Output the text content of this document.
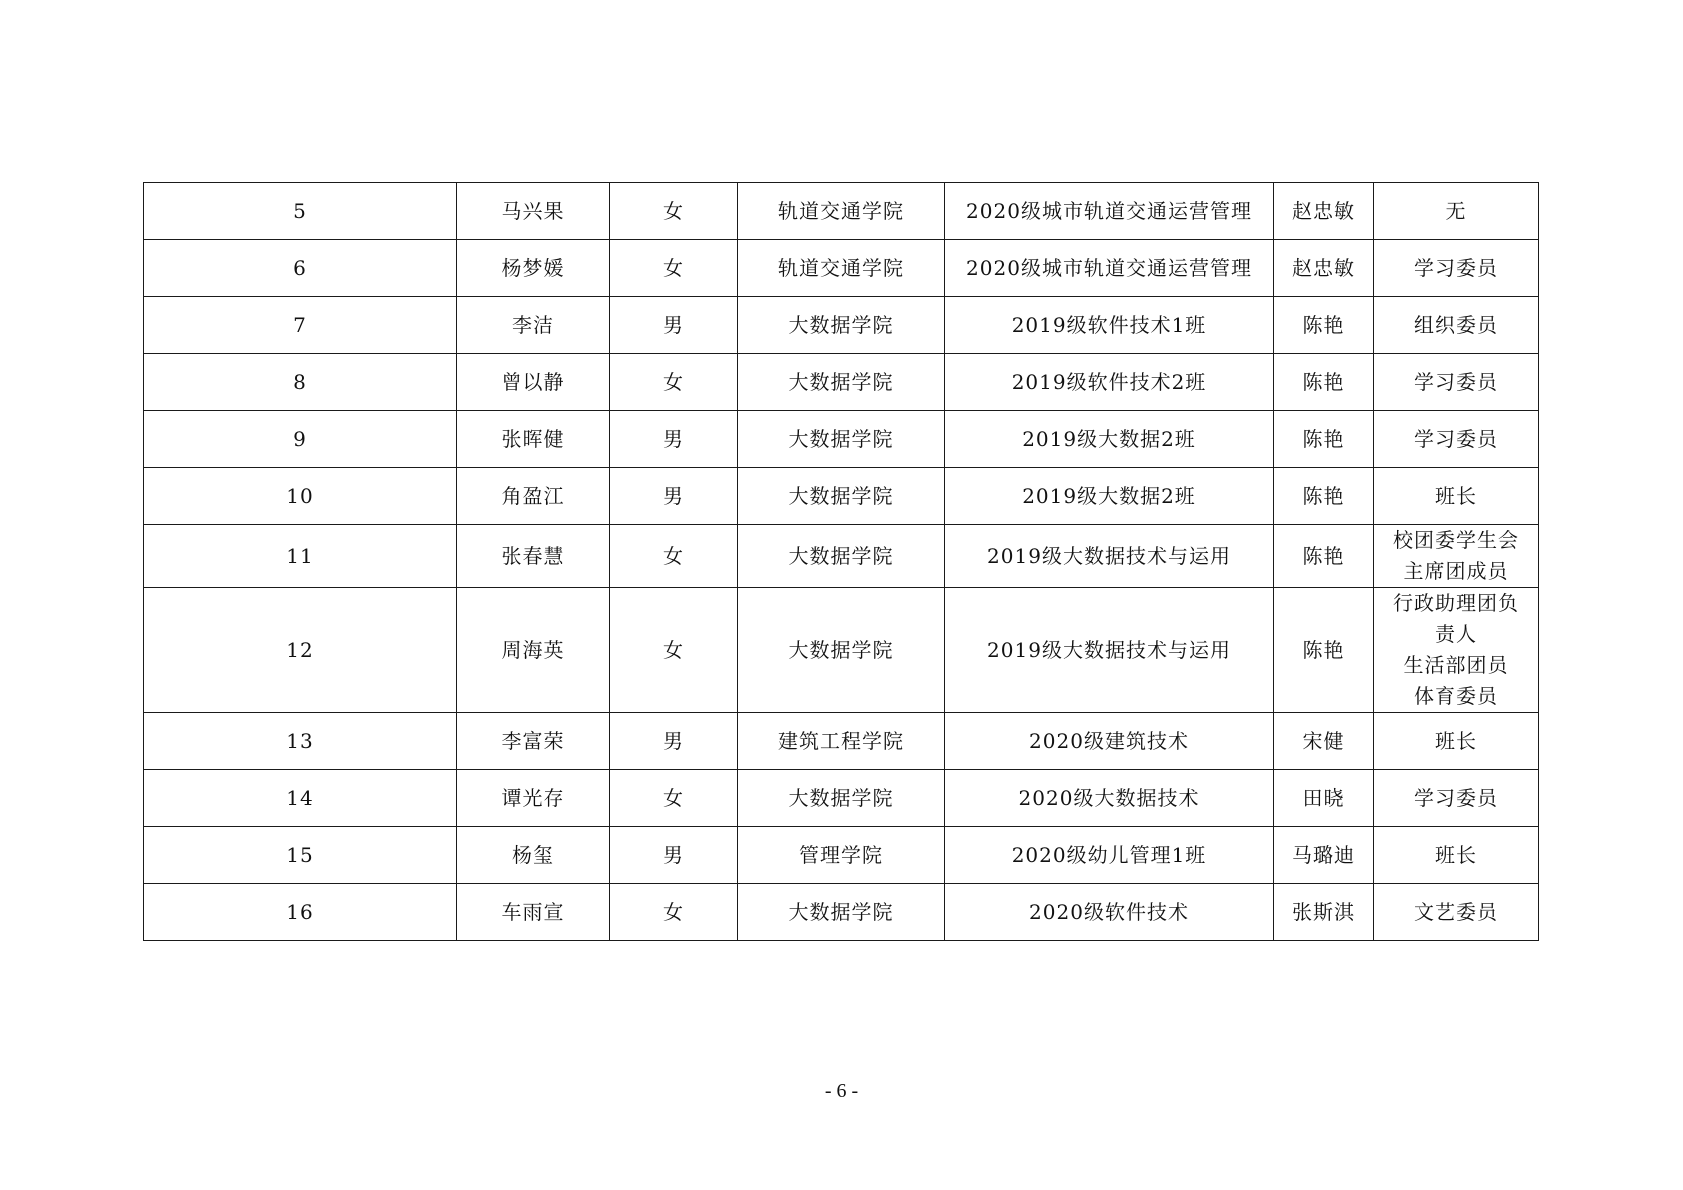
5	马兴果	女	轨道交通学院	2020级城市轨道交通运营管理	赵忠敏	无

6	杨梦媛	女	轨道交通学院	2020级城市轨道交通运营管理	赵忠敏	学习委员

7	李洁	男	大数据学院	2019级软件技术1班	陈艳	组织委员

8	曾以静	女	大数据学院	2019级软件技术2班	陈艳	学习委员

9	张晖健	男	大数据学院	2019级大数据2班	陈艳	学习委员

10	角盈江	男	大数据学院	2019级大数据2班	陈艳	班长

11	张春慧	女	大数据学院	2019级大数据技术与运用	陈艳	校团委学生会
主席团成员

12	周海英	女	大数据学院	2019级大数据技术与运用	陈艳	行政助理团负
责人
生活部团员
体育委员

13	李富荣	男	建筑工程学院	2020级建筑技术	宋健	班长

14	谭光存	女	大数据学院	2020级大数据技术	田晓	学习委员

15	杨玺	男	管理学院	2020级幼儿管理1班	马璐迪	班长

16	车雨宣	女	大数据学院	2020级软件技术	张斯淇	文艺委员
- 6 -
